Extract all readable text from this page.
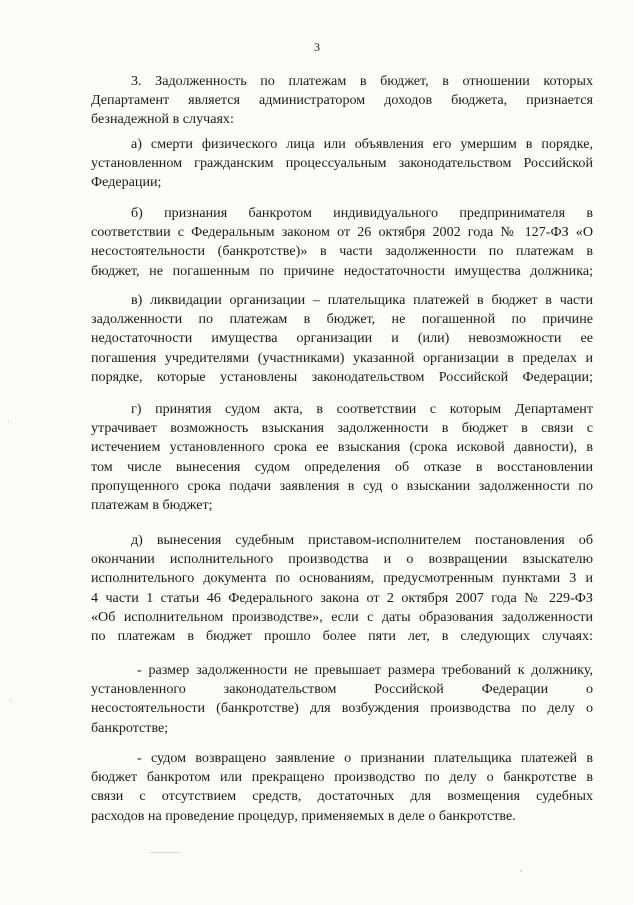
3
3. Задолженность по платежам в бюджет, в отношении которых
Департамент является администратором доходов бюджета, признается
безнадежной в случаях:
а) смерти физического лица или объявления его умершим в порядке,
установленном гражданским процессуальным законодательством Российской
Федерации;
б) признания банкротом индивидуального предпринимателя в
соответствии с Федеральным законом от 26 октября 2002 года № 127-ФЗ «О
несостоятельности (банкротстве)» в части задолженности по платежам в
бюджет, не погашенным по причине недостаточности имущества должника;
в) ликвидации организации – плательщика платежей в бюджет в части
задолженности по платежам в бюджет, не погашенной по причине
недостаточности имущества организации и (или) невозможности ее
погашения учредителями (участниками) указанной организации в пределах и
порядке, которые установлены законодательством Российской Федерации;
г) принятия судом акта, в соответствии с которым Департамент
утрачивает возможность взыскания задолженности в бюджет в связи с
истечением установленного срока ее взыскания (срока исковой давности), в
том числе вынесения судом определения об отказе в восстановлении
пропущенного срока подачи заявления в суд о взыскании задолженности по
платежам в бюджет;
д) вынесения судебным приставом-исполнителем постановления об
окончании исполнительного производства и о возвращении взыскателю
исполнительного документа по основаниям, предусмотренным пунктами 3 и
4 части 1 статьи 46 Федерального закона от 2 октября 2007 года № 229-ФЗ
«Об исполнительном производстве», если с даты образования задолженности
по платежам в бюджет прошло более пяти лет, в следующих случаях:
- размер задолженности не превышает размера требований к должнику,
установленного законодательством Российской Федерации о
несостоятельности (банкротстве) для возбуждения производства по делу о
банкротстве;
- судом возвращено заявление о признании плательщика платежей в
бюджет банкротом или прекращено производство по делу о банкротстве в
связи с отсутствием средств, достаточных для возмещения судебных
расходов на проведение процедур, применяемых в деле о банкротстве.
